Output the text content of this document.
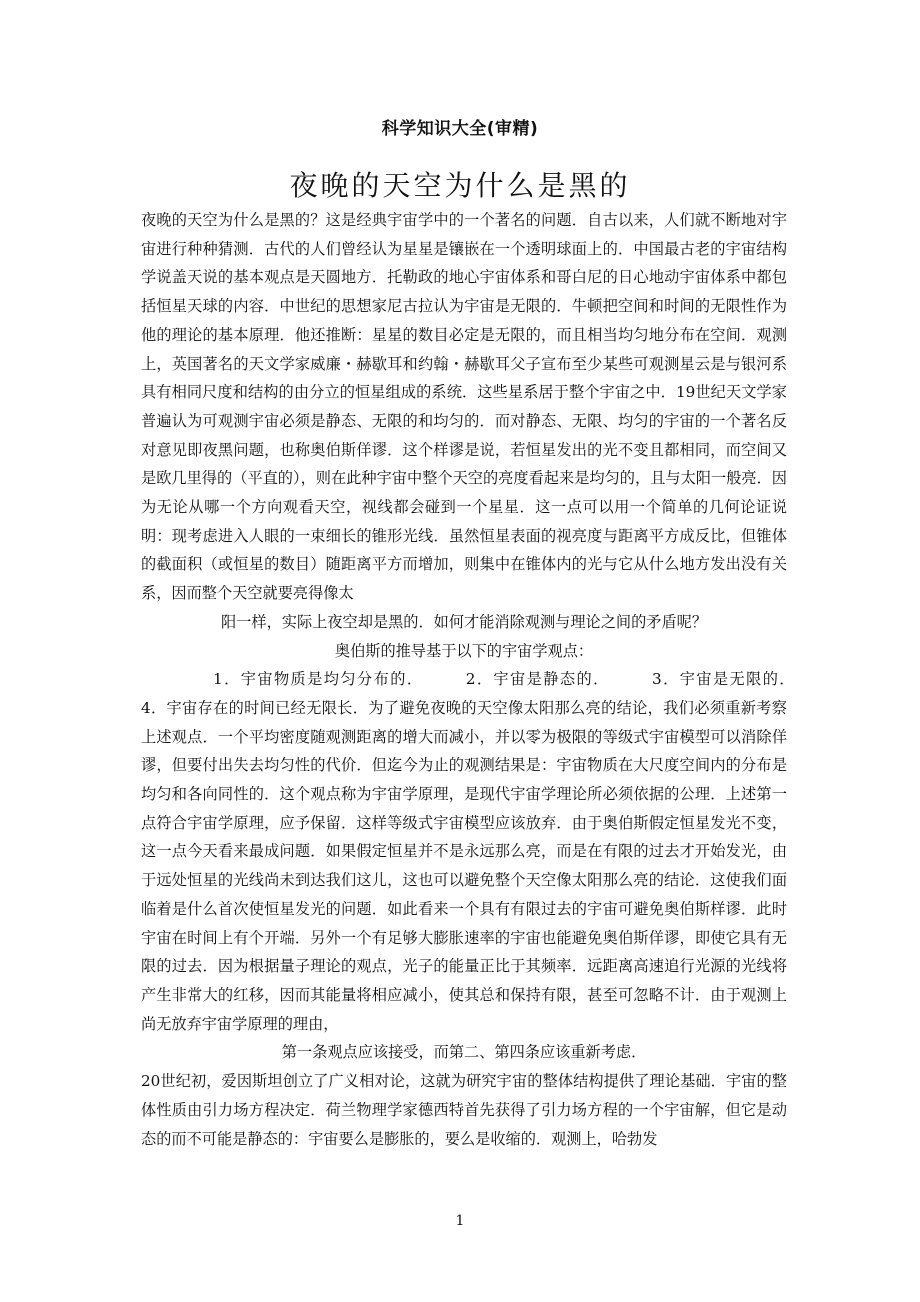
科学知识大全(审精)
夜晚的天空为什么是黑的

夜晚的天空为什么是黑的？这是经典宇宙学中的一个著名的问题．自古以来，人们就不断地对宇宙进行种种猜测．古代的人们曾经认为星星是镶嵌在一个透明球面上的．中国最古老的宇宙结构学说盖天说的基本观点是天圆地方．托勒政的地心宇宙体系和哥白尼的日心地动宇宙体系中都包括恒星天球的内容．中世纪的思想家尼古拉认为宇宙是无限的．牛顿把空间和时间的无限性作为他的理论的基本原理．他还推断：星星的数目必定是无限的，而且相当均匀地分布在空间．观测上，英国著名的天文学家威廉・赫歇耳和约翰・赫歇耳父子宣布至少某些可观测星云是与银河系具有相同尺度和结构的由分立的恒星组成的系统．这些星系居于整个宇宙之中．19世纪天文学家普遍认为可观测宇宙必须是静态、无限的和均匀的．而对静态、无限、均匀的宇宙的一个著名反对意见即夜黑问题，也称奥伯斯佯谬．这个样谬是说，若恒星发出的光不变且都相同，而空间又是欧几里得的（平直的），则在此种宇宙中整个天空的亮度看起来是均匀的，且与太阳一般亮．因为无论从哪一个方向观看天空，视线都会碰到一个星星．这一点可以用一个简单的几何论证说明：现考虑进入人眼的一束细长的锥形光线．虽然恒星表面的视亮度与距离平方成反比，但锥体的截面积（或恒星的数目）随距离平方而增加，则集中在锥体内的光与它从什么地方发出没有关系，因而整个天空就要亮得像太

阳一样，实际上夜空却是黑的．如何才能消除观测与理论之间的矛盾呢？

奥伯斯的推导基于以下的宇宙学观点：

1．宇宙物质是均匀分布的．　　　2．宇宙是静态的．　　　3．宇宙是无限的．　　4．宇宙存在的时间已经无限长．为了避免夜晚的天空像太阳那么亮的结论，我们必须重新考察上述观点．一个平均密度随观测距离的增大而减小，并以零为极限的等级式宇宙模型可以消除佯谬，但要付出失去均匀性的代价．但迄今为止的观测结果是：宇宙物质在大尺度空间内的分布是均匀和各向同性的．这个观点称为宇宙学原理，是现代宇宙学理论所必须依据的公理．上述第一点符合宇宙学原理，应予保留．这样等级式宇宙模型应该放弃．由于奥伯斯假定恒星发光不变，这一点今天看来最成问题．如果假定恒星并不是永远那么亮，而是在有限的过去才开始发光，由于远处恒星的光线尚未到达我们这儿，这也可以避免整个天空像太阳那么亮的结论．这使我们面临着是什么首次使恒星发光的问题．如此看来一个具有有限过去的宇宙可避免奥伯斯样谬．此时宇宙在时间上有个开端．另外一个有足够大膨胀速率的宇宙也能避免奥伯斯佯谬，即使它具有无限的过去．因为根据量子理论的观点，光子的能量正比于其频率．远距离高速追行光源的光线将产生非常大的红移，因而其能量将相应减小，使其总和保持有限，甚至可忽略不计．由于观测上尚无放弃宇宙学原理的理由，

第一条观点应该接受，而第二、第四条应该重新考虑．

20世纪初，爱因斯坦创立了广义相对论，这就为研究宇宙的整体结构提供了理论基础．宇宙的整体性质由引力场方程决定．荷兰物理学家德西特首先获得了引力场方程的一个宇宙解，但它是动态的而不可能是静态的：宇宙要么是膨胀的，要么是收缩的．观测上，哈勃发

1
